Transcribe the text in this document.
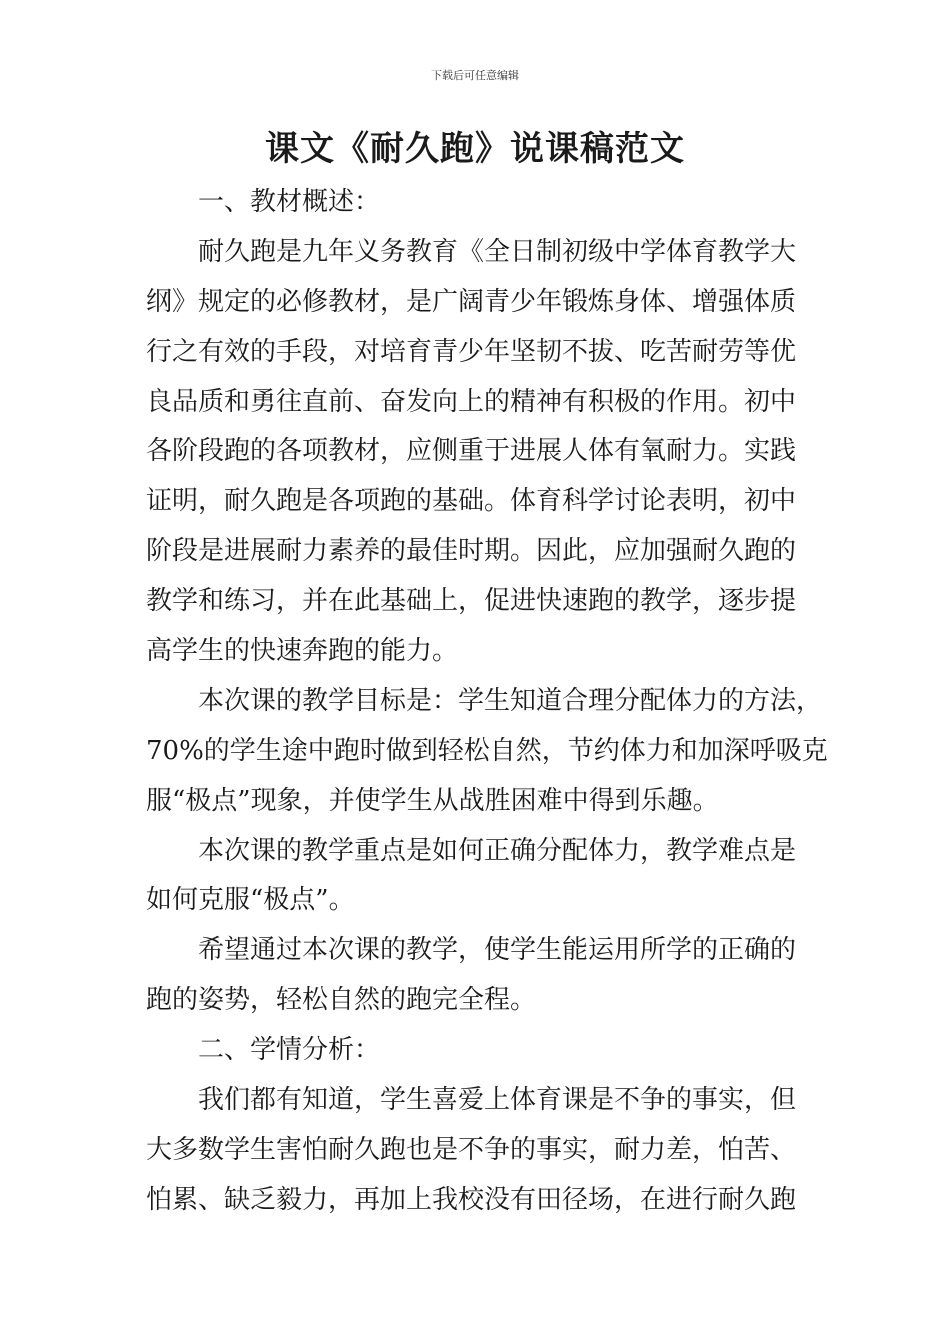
下载后可任意编辑
课文《耐久跑》说课稿范文
一、教材概述：
耐久跑是九年义务教育《全日制初级中学体育教学大
纲》规定的必修教材，是广阔青少年锻炼身体、增强体质
行之有效的手段，对培育青少年坚韧不拔、吃苦耐劳等优
良品质和勇往直前、奋发向上的精神有积极的作用。初中
各阶段跑的各项教材，应侧重于进展人体有氧耐力。实践
证明，耐久跑是各项跑的基础。体育科学讨论表明，初中
阶段是进展耐力素养的最佳时期。因此，应加强耐久跑的
教学和练习，并在此基础上，促进快速跑的教学，逐步提
高学生的快速奔跑的能力。
本次课的教学目标是：学生知道合理分配体力的方法，
70%的学生途中跑时做到轻松自然，节约体力和加深呼吸克
服“极点”现象，并使学生从战胜困难中得到乐趣。
本次课的教学重点是如何正确分配体力，教学难点是
如何克服“极点”。
希望通过本次课的教学，使学生能运用所学的正确的
跑的姿势，轻松自然的跑完全程。
二、学情分析：
我们都有知道，学生喜爱上体育课是不争的事实，但
大多数学生害怕耐久跑也是不争的事实，耐力差，怕苦、
怕累、缺乏毅力，再加上我校没有田径场，在进行耐久跑
